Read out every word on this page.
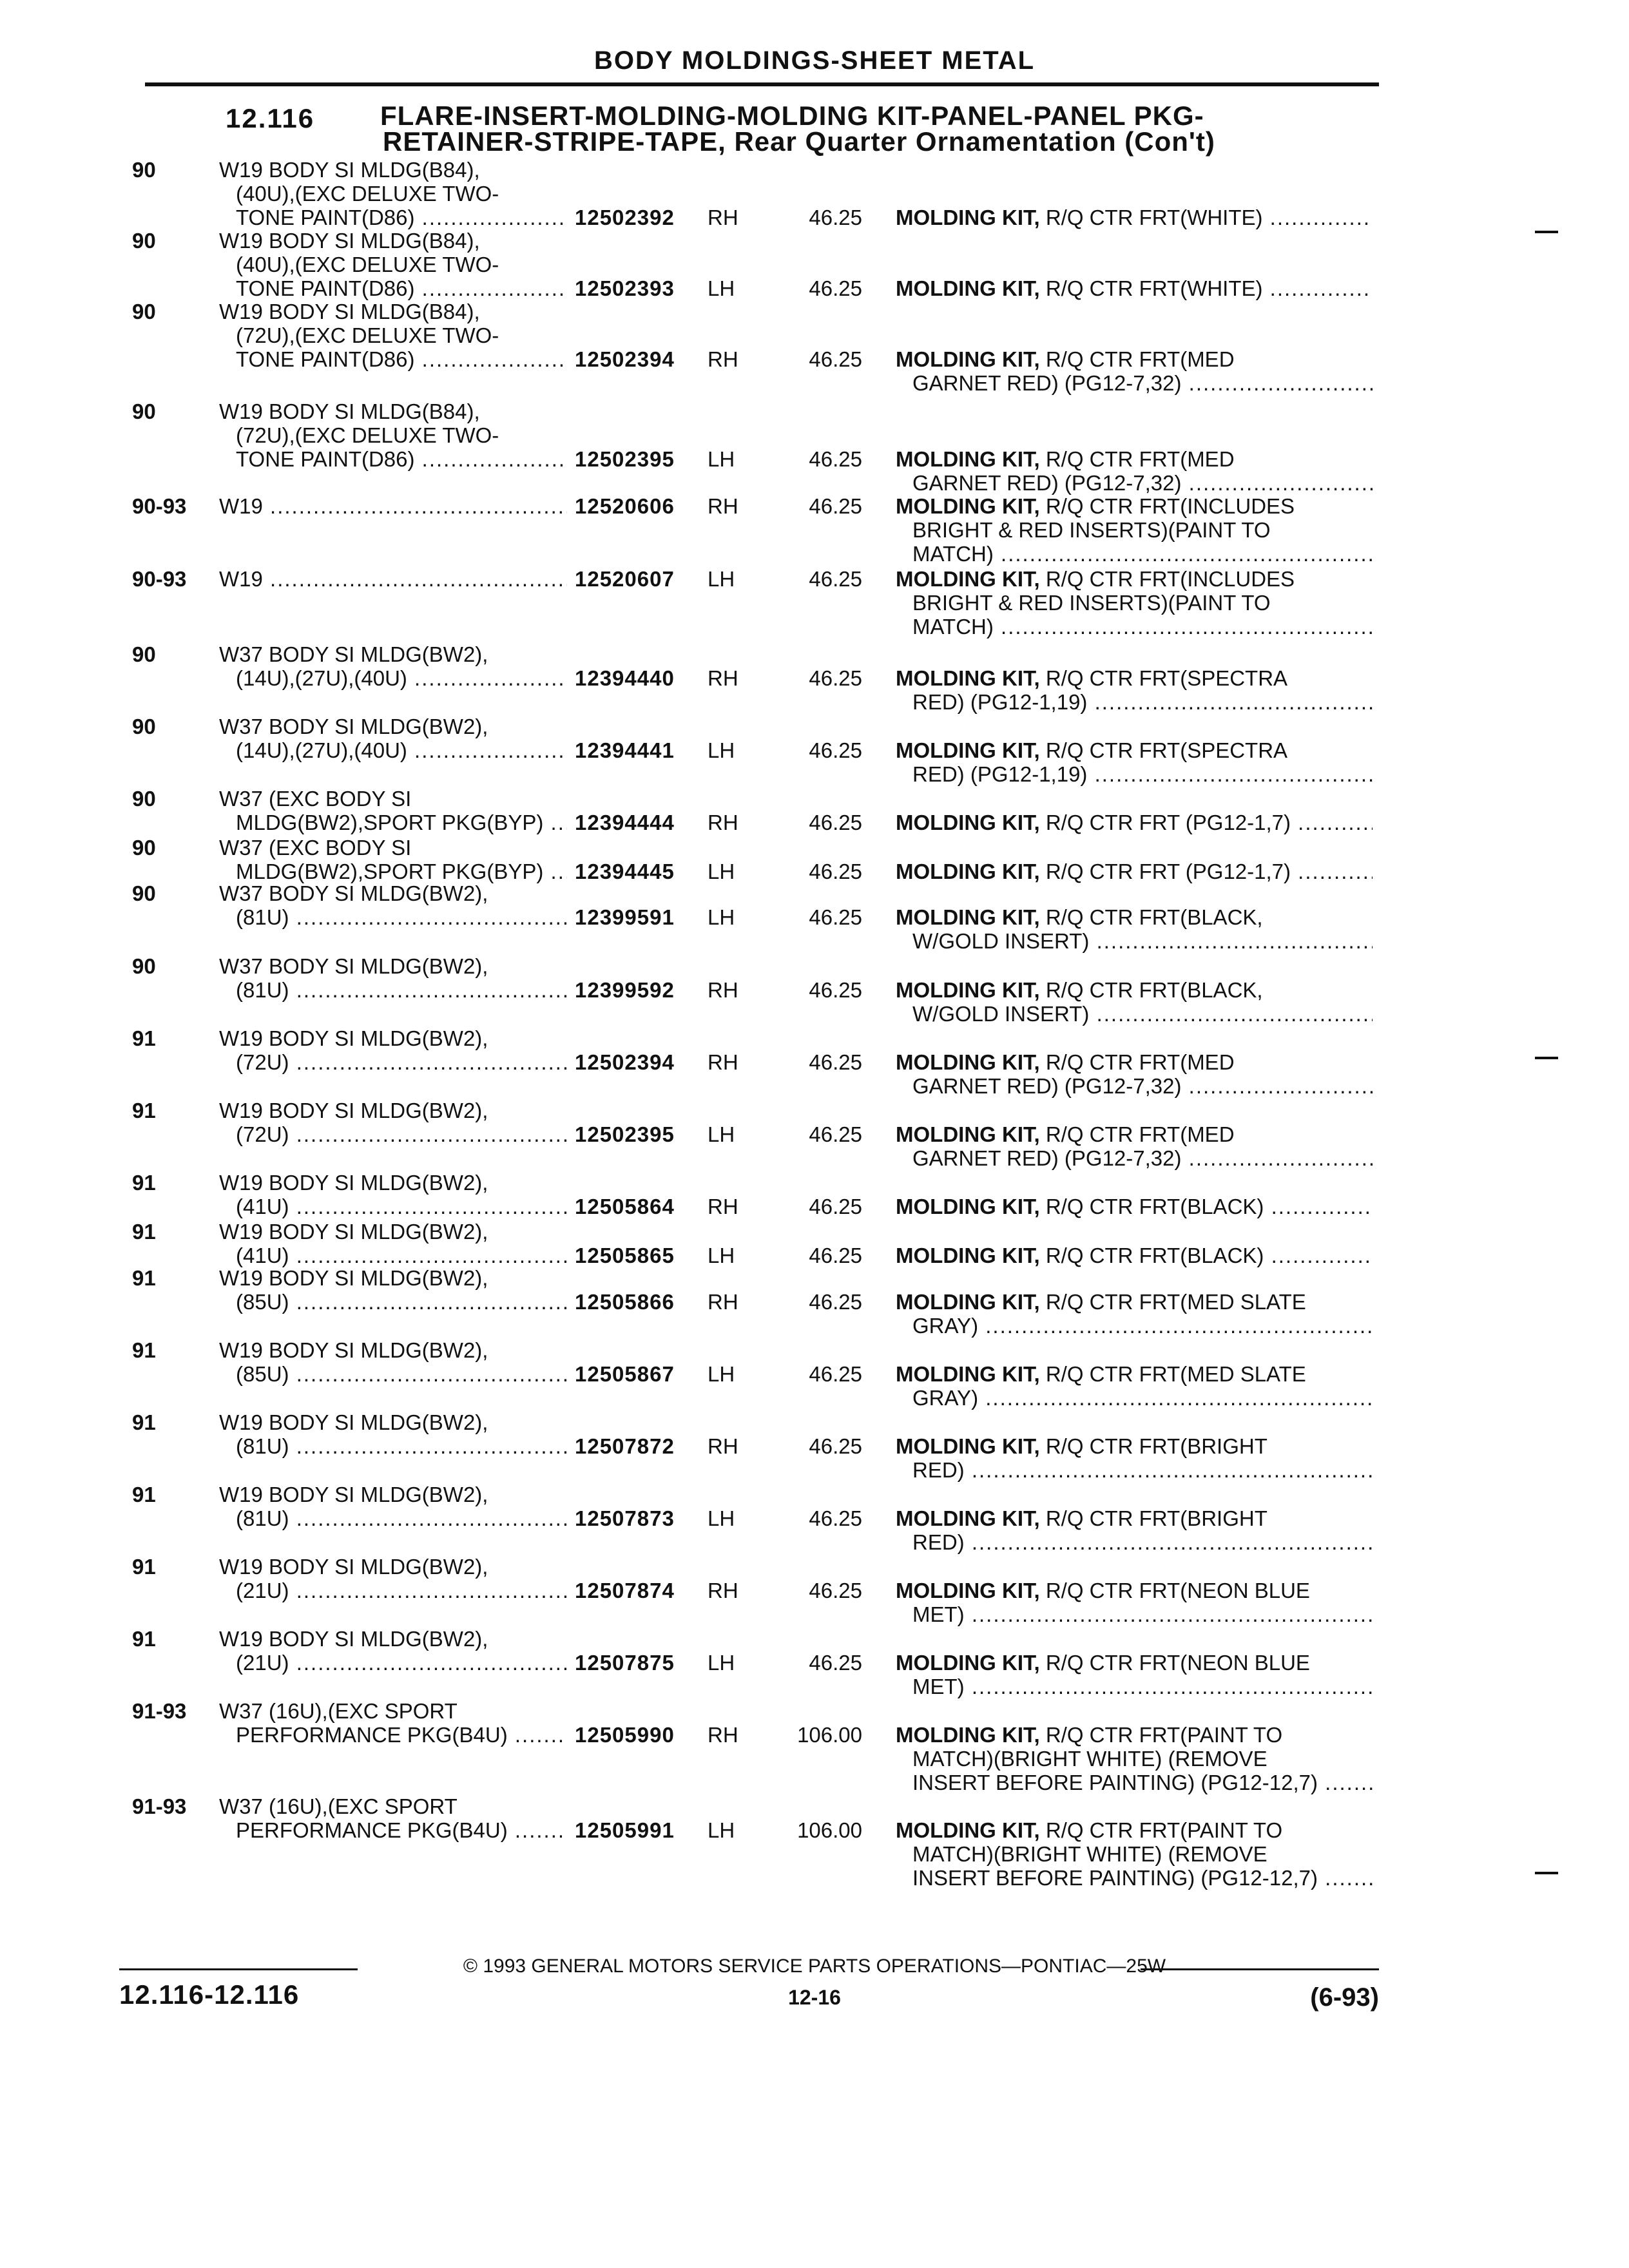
BODY MOLDINGS-SHEET METAL
12.116 FLARE-INSERT-MOLDING-MOLDING KIT-PANEL-PANEL PKG-
RETAINER-STRIPE-TAPE, Rear Quarter Ornamentation (Con't)
90	W19 BODY SI MLDG(B84),
(40U),(EXC DELUXE TWO-
TONE PAINT(D86) .....	12502392 RH	46.25 MOLDING KIT, R/Q CTR FRT(WHITE) .....
90	W19 BODY SI MLDG(B84),
(40U),(EXC DELUXE TWO-
TONE PAINT(D86) .....	12502393 LH	46.25 MOLDING KIT, R/Q CTR FRT(WHITE) .....
90	W19 BODY SI MLDG(B84),
(72U),(EXC DELUXE TWO-
TONE PAINT(D86) .....	12502394 RH	46.25 MOLDING KIT, R/Q CTR FRT(MED
GARNET RED) (PG12-7,32) .....
90	W19 BODY SI MLDG(B84),
(72U),(EXC DELUXE TWO-
TONE PAINT(D86) .....	12502395 LH	46.25 MOLDING KIT, R/Q CTR FRT(MED
GARNET RED) (PG12-7,32) .....
90-93	W19 .....	12520606 RH	46.25 MOLDING KIT, R/Q CTR FRT(INCLUDES
BRIGHT & RED INSERTS)(PAINT TO
MATCH) .....
90-93	W19 .....	12520607 LH	46.25 MOLDING KIT, R/Q CTR FRT(INCLUDES
BRIGHT & RED INSERTS)(PAINT TO
MATCH) .....
90	W37 BODY SI MLDG(BW2),
(14U),(27U),(40U) .....	12394440 RH	46.25 MOLDING KIT, R/Q CTR FRT(SPECTRA
RED) (PG12-1,19) .....
90	W37 BODY SI MLDG(BW2),
(14U),(27U),(40U) .....	12394441 LH	46.25 MOLDING KIT, R/Q CTR FRT(SPECTRA
RED) (PG12-1,19) .....
90	W37 (EXC BODY SI
MLDG(BW2),SPORT PKG(BYP) .....	12394444 RH	46.25 MOLDING KIT, R/Q CTR FRT (PG12-1,7) .....
90	W37 (EXC BODY SI
MLDG(BW2),SPORT PKG(BYP) .....	12394445 LH	46.25 MOLDING KIT, R/Q CTR FRT (PG12-1,7) .....
90	W37 BODY SI MLDG(BW2),
(81U) .....	12399591 LH	46.25 MOLDING KIT, R/Q CTR FRT(BLACK,
W/GOLD INSERT) .....
90	W37 BODY SI MLDG(BW2),
(81U) .....	12399592 RH	46.25 MOLDING KIT, R/Q CTR FRT(BLACK,
W/GOLD INSERT) .....
91	W19 BODY SI MLDG(BW2),
(72U) .....	12502394 RH	46.25 MOLDING KIT, R/Q CTR FRT(MED
GARNET RED) (PG12-7,32) .....
91	W19 BODY SI MLDG(BW2),
(72U) .....	12502395 LH	46.25 MOLDING KIT, R/Q CTR FRT(MED
GARNET RED) (PG12-7,32) .....
91	W19 BODY SI MLDG(BW2),
(41U) .....	12505864 RH	46.25 MOLDING KIT, R/Q CTR FRT(BLACK) .....
91	W19 BODY SI MLDG(BW2),
(41U) .....	12505865 LH	46.25 MOLDING KIT, R/Q CTR FRT(BLACK) .....
91	W19 BODY SI MLDG(BW2),
(85U) .....	12505866 RH	46.25 MOLDING KIT, R/Q CTR FRT(MED SLATE
GRAY) .....
91	W19 BODY SI MLDG(BW2),
(85U) .....	12505867 LH	46.25 MOLDING KIT, R/Q CTR FRT(MED SLATE
GRAY) .....
91	W19 BODY SI MLDG(BW2),
(81U) .....	12507872 RH	46.25 MOLDING KIT, R/Q CTR FRT(BRIGHT
RED) .....
91	W19 BODY SI MLDG(BW2),
(81U) .....	12507873 LH	46.25 MOLDING KIT, R/Q CTR FRT(BRIGHT
RED) .....
91	W19 BODY SI MLDG(BW2),
(21U) .....	12507874 RH	46.25 MOLDING KIT, R/Q CTR FRT(NEON BLUE
MET) .....
91	W19 BODY SI MLDG(BW2),
(21U) .....	12507875 LH	46.25 MOLDING KIT, R/Q CTR FRT(NEON BLUE
MET) .....
91-93	W37 (16U),(EXC SPORT
PERFORMANCE PKG(B4U) .....	12505990 RH	106.00 MOLDING KIT, R/Q CTR FRT(PAINT TO
MATCH)(BRIGHT WHITE) (REMOVE
INSERT BEFORE PAINTING) (PG12-12,7) .....
91-93	W37 (16U),(EXC SPORT
PERFORMANCE PKG(B4U) .....	12505991 LH	106.00 MOLDING KIT, R/Q CTR FRT(PAINT TO
MATCH)(BRIGHT WHITE) (REMOVE
INSERT BEFORE PAINTING) (PG12-12,7) .....
© 1993 GENERAL MOTORS SERVICE PARTS OPERATIONS—PONTIAC—25W
12.116-12.116	12-16	(6-93)
